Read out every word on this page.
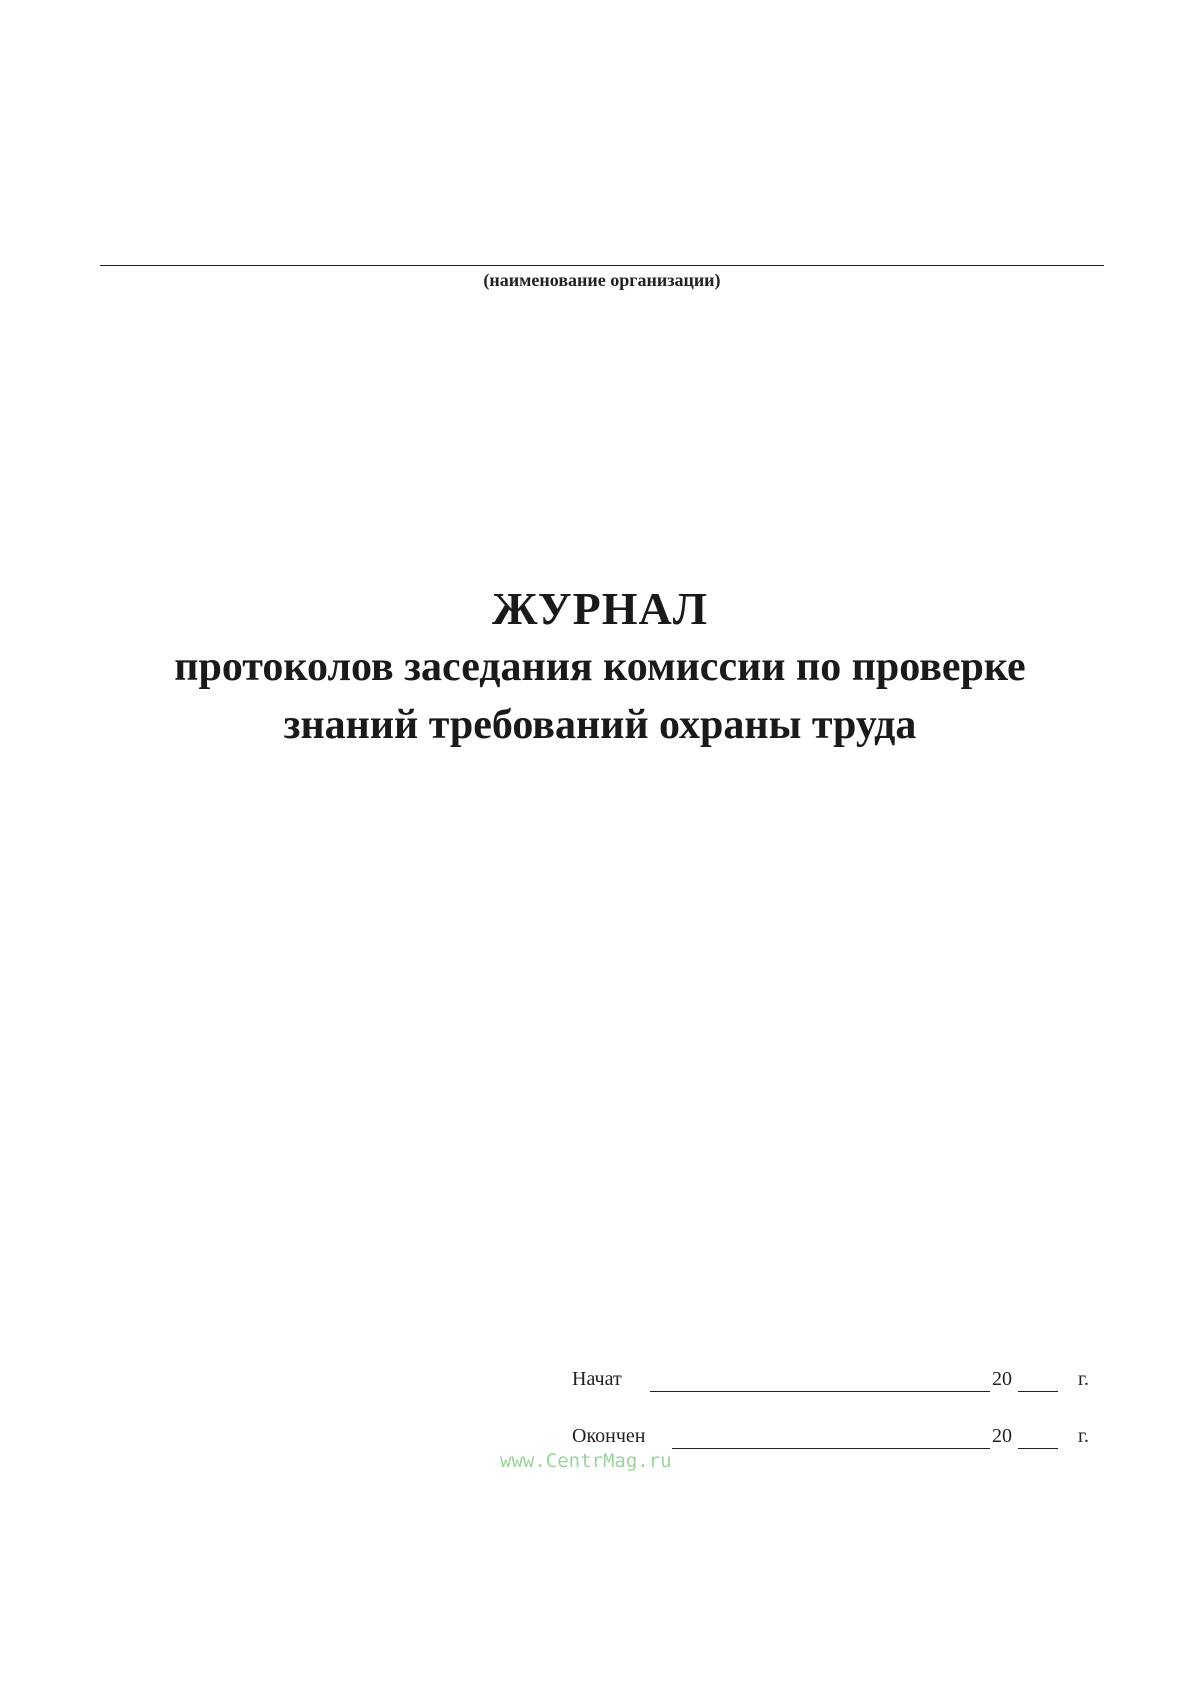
(наименование организации)
ЖУРНАЛ
протоколов заседания комиссии по проверке
знаний требований охраны труда
Начат	20	г.
Окончен	20	г.
www.CentrMag.ru
